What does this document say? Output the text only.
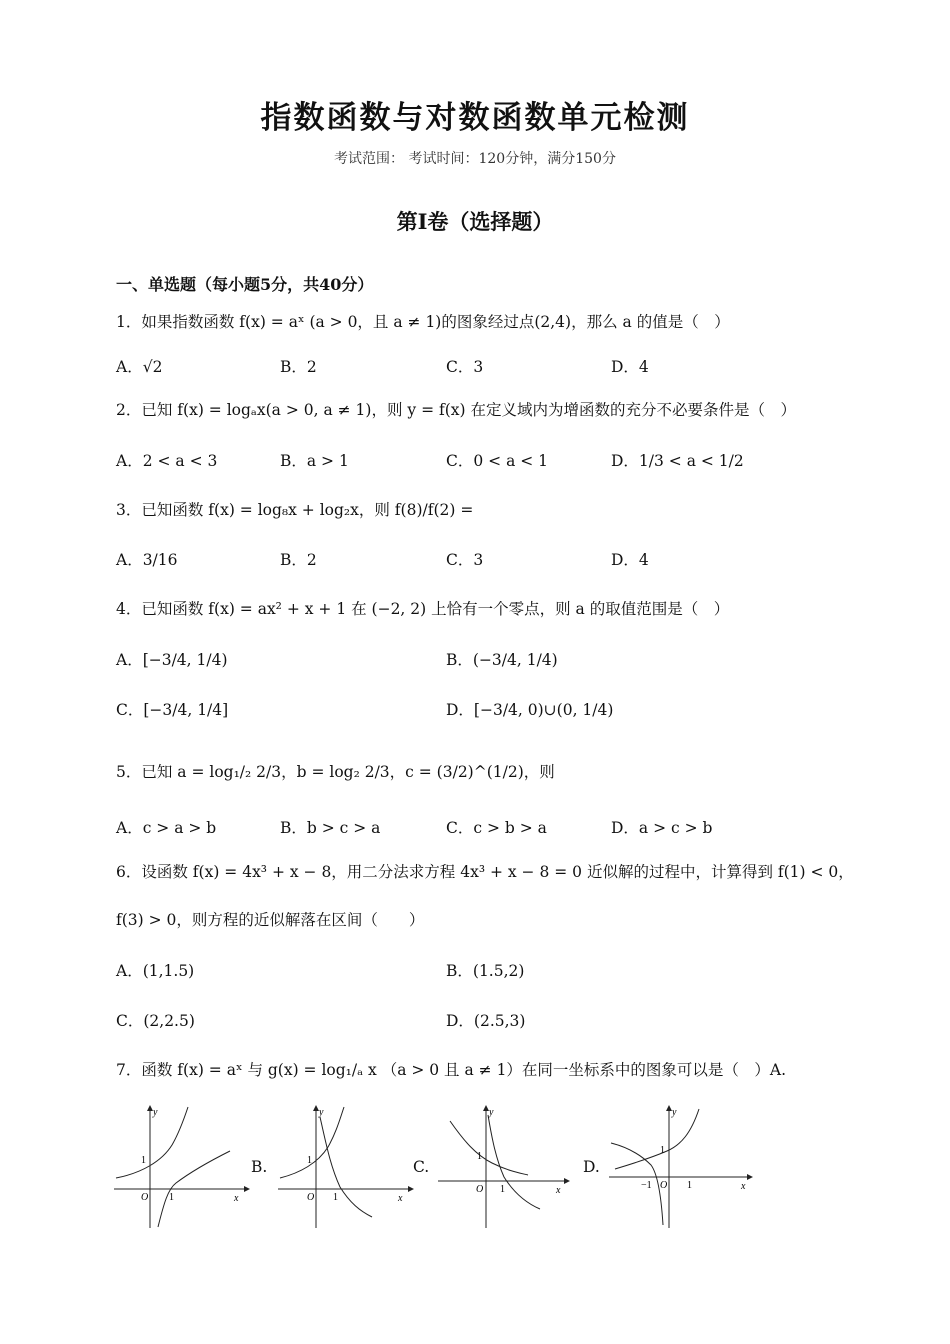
指数函数与对数函数单元检测
考试范围： 考试时间：120分钟，满分150分
第I卷（选择题）
一、单选题（每小题5分，共40分）
1．如果指数函数 f(x) = aˣ (a > 0，且 a ≠ 1)的图象经过点(2,4)，那么 a 的值是（　）
A．√2	B．2	C．3	D．4
2．已知 f(x) = logₐx(a > 0, a ≠ 1)，则 y = f(x) 在定义域内为增函数的充分不必要条件是（　）
A．2 < a < 3	B．a > 1	C．0 < a < 1	D．1/3 < a < 1/2
3．已知函数 f(x) = log₈x + log₂x，则 f(8)/f(2) =
A．3/16	B．2	C．3	D．4
4．已知函数 f(x) = ax² + x + 1 在 (−2, 2) 上恰有一个零点，则 a 的取值范围是（　）
A．[−3/4, 1/4)	B．(−3/4, 1/4)
C．[−3/4, 1/4]	D．[−3/4, 0)∪(0, 1/4)
5．已知 a = log₁/₂ 2/3，b = log₂ 2/3，c = (3/2)^(1/2)，则
A．c > a > b	B．b > c > a	C．c > b > a	D．a > c > b
6．设函数 f(x) = 4x³ + x − 8，用二分法求方程 4x³ + x − 8 = 0 近似解的过程中，计算得到 f(1) < 0，
f(3) > 0，则方程的近似解落在区间（　　）
A．(1,1.5)	B．(1.5,2)
C．(2,2.5)	D．(2.5,3)
7．函数 f(x) = aˣ 与 g(x) = log₁/ₐ x （a > 0 且 a ≠ 1）在同一坐标系中的图象可以是（　）A.
y
x
O
1
1
B.
y
x
O
1
1
C.
y
x
O
1
1
D.
y
x
O
1
1
−1
